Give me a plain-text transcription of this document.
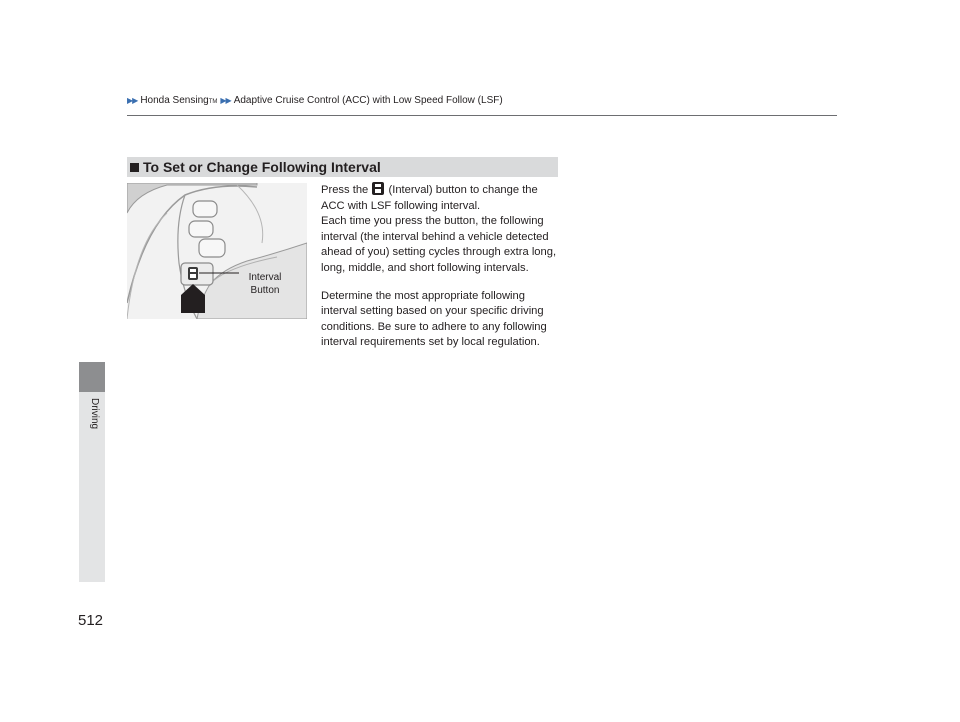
▶▶ Honda Sensing TM ▶▶ Adaptive Cruise Control (ACC) with Low Speed Follow (LSF)
Driving
To Set or Change Following Interval
Interval
Button

Press the (Interval) button to change the ACC with LSF following interval.

Each time you press the button, the following interval (the interval behind a vehicle detected ahead of you) setting cycles through extra long, long, middle, and short following intervals.

Determine the most appropriate following interval setting based on your specific driving conditions. Be sure to adhere to any following interval requirements set by local regulation.

512
